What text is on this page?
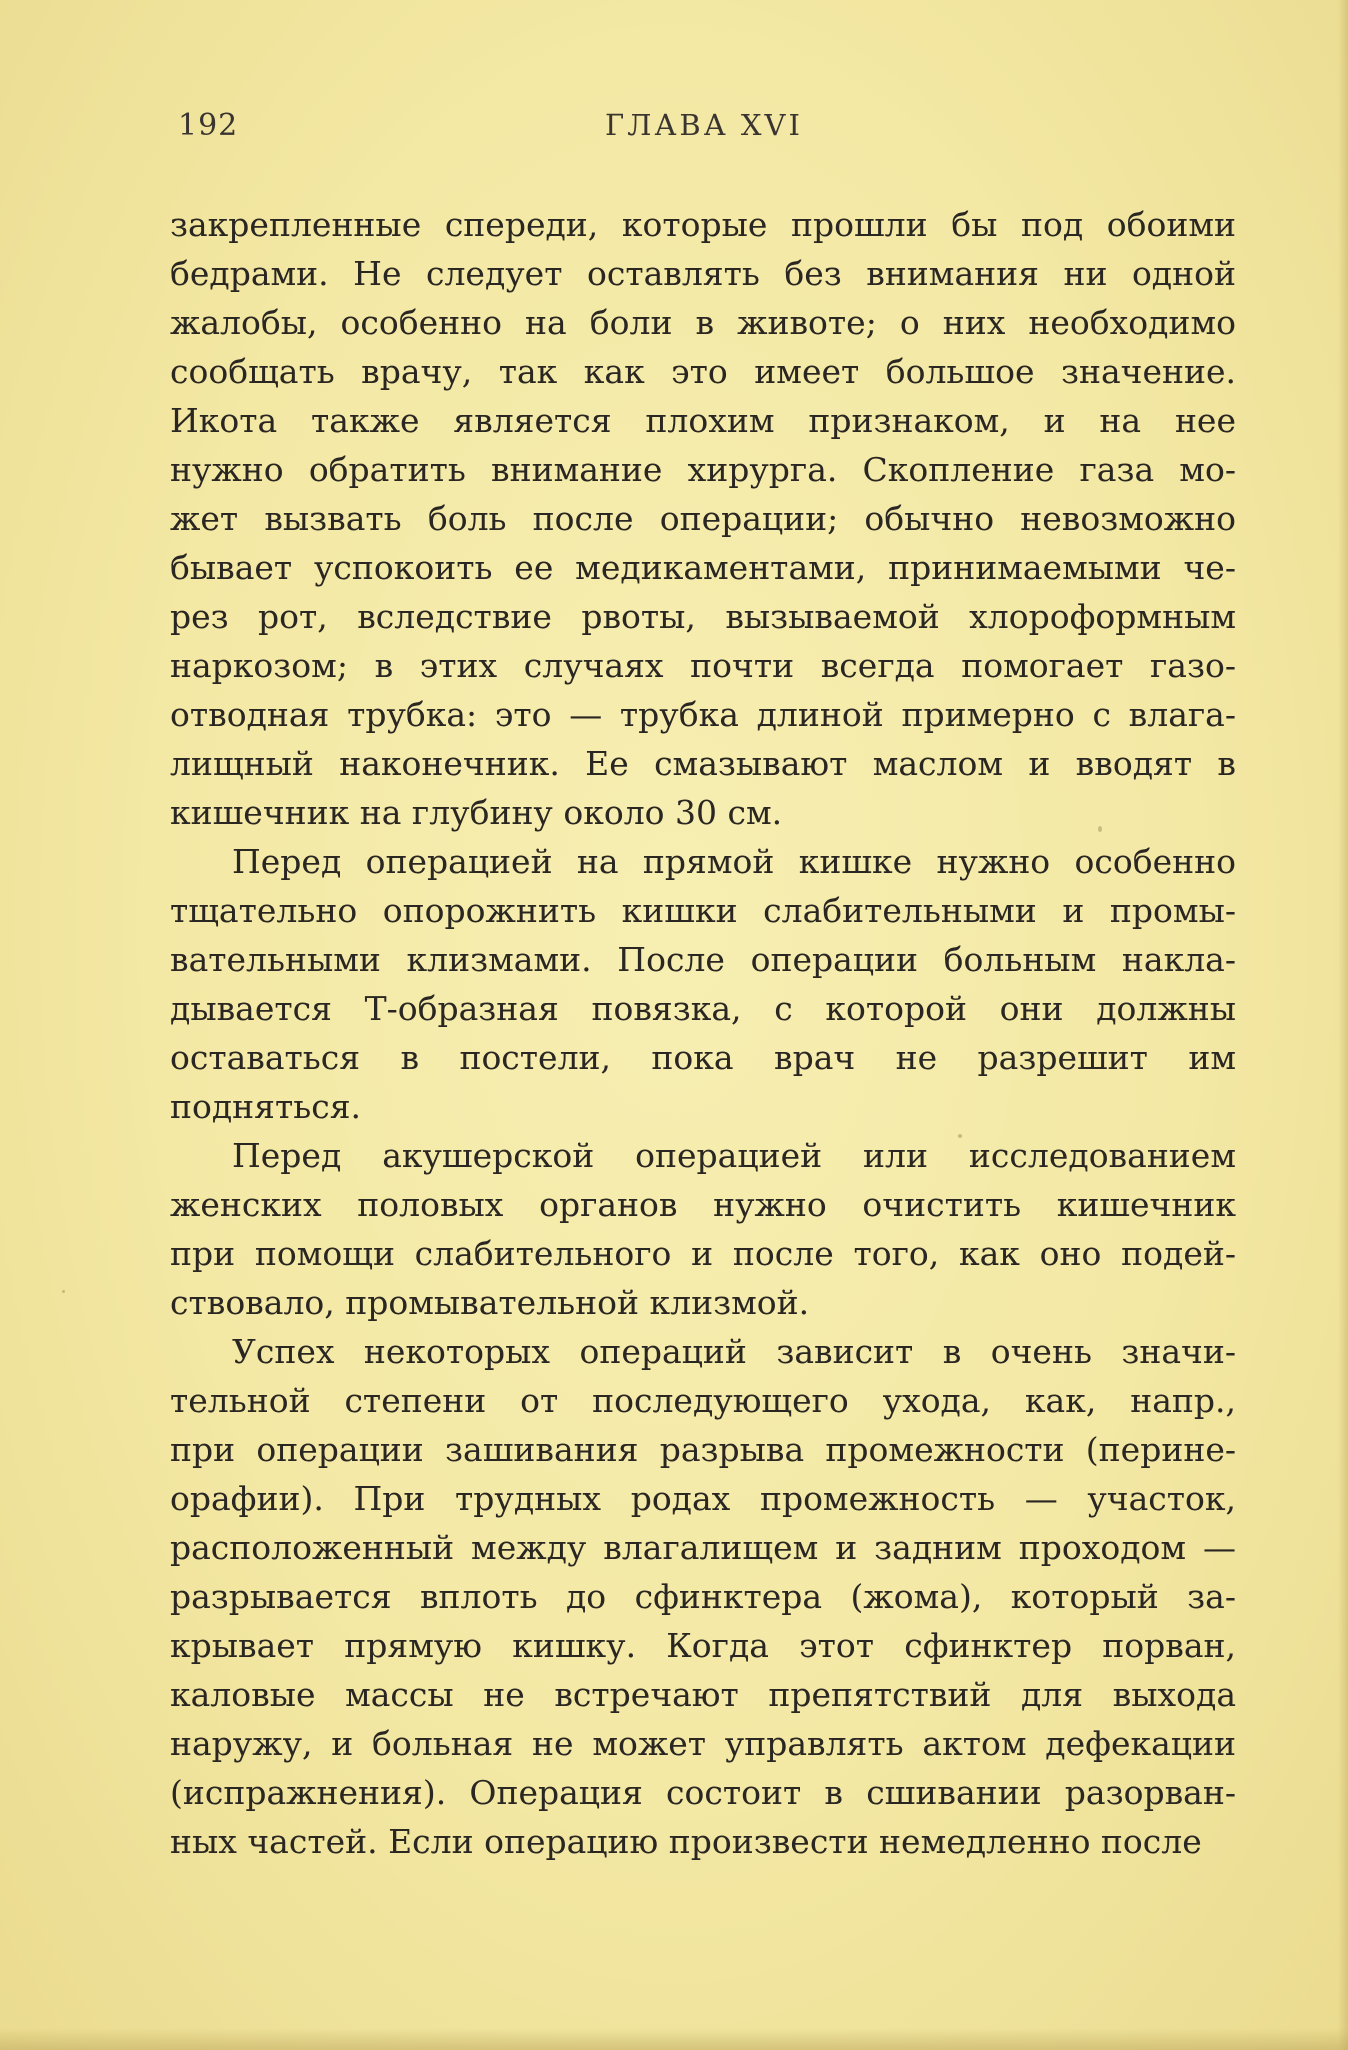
192	ГЛАВА XVI

закрепленные спереди, которые прошли бы под обоими
бедрами. Не следует оставлять без внимания ни одной
жалобы, особенно на боли в животе; о них необходимо
сообщать врачу, так как это имеет большое значение.
Икота также является плохим признаком, и на нее
нужно обратить внимание хирурга. Скопление газа мо-
жет вызвать боль после операции; обычно невозможно
бывает успокоить ее медикаментами, принимаемыми че-
рез рот, вследствие рвоты, вызываемой хлороформным
наркозом; в этих случаях почти всегда помогает газо-
отводная трубка: это — трубка длиной примерно с влага-
лищный наконечник. Ее смазывают маслом и вводят в
кишечник на глубину около 30 см.

Перед операцией на прямой кишке нужно особенно
тщательно опорожнить кишки слабительными и промы-
вательными клизмами. После операции больным накла-
дывается Т-образная повязка, с которой они должны
оставаться в постели, пока врач не разрешит им
подняться.

Перед акушерской операцией или исследованием
женских половых органов нужно очистить кишечник
при помощи слабительного и после того, как оно подей-
ствовало, промывательной клизмой.

Успех некоторых операций зависит в очень значи-
тельной степени от последующего ухода, как, напр.,
при операции зашивания разрыва промежности (перине-
орафии). При трудных родах промежность — участок,
расположенный между влагалищем и задним проходом —
разрывается вплоть до сфинктера (жома), который за-
крывает прямую кишку. Когда этот сфинктер порван,
каловые массы не встречают препятствий для выхода
наружу, и больная не может управлять актом дефекации
(испражнения). Операция состоит в сшивании разорван-
ных частей. Если операцию произвести немедленно после
